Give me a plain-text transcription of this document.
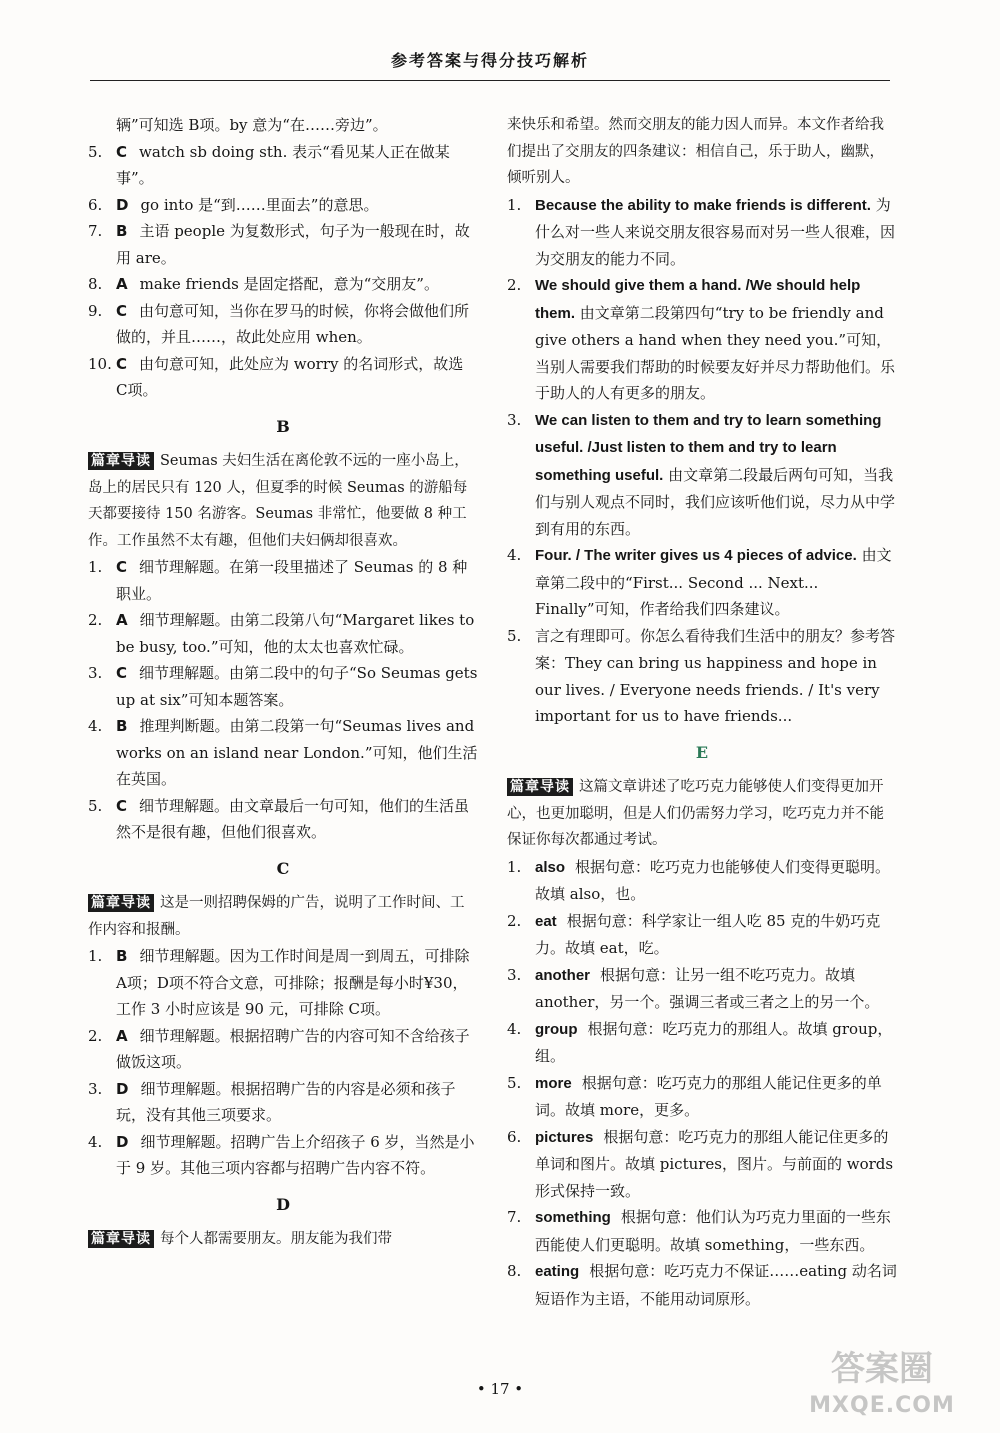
参考答案与得分技巧解析
辆”可知选 B项。by 意为“在……旁边”。
5. C watch sb doing sth. 表示“看见某人正在做某事”。
6. D go into 是“到……里面去”的意思。
7. B 主语 people 为复数形式，句子为一般现在时，故用 are。
8. A make friends 是固定搭配，意为“交朋友”。
9. C 由句意可知，当你在罗马的时候，你将会做他们所做的，并且……，故此处应用 when。
10. C 由句意可知，此处应为 worry 的名词形式，故选 C项。
B
篇章导读 Seumas 夫妇生活在离伦敦不远的一座小岛上，岛上的居民只有 120 人，但夏季的时候 Seumas 的游船每天都要接待 150 名游客。Seumas 非常忙，他要做 8 种工作。工作虽然不太有趣，但他们夫妇俩却很喜欢。
1. C 细节理解题。在第一段里描述了 Seumas 的 8 种职业。
2. A 细节理解题。由第二段第八句“Margaret likes to be busy, too.”可知，他的太太也喜欢忙碌。
3. C 细节理解题。由第二段中的句子“So Seumas gets up at six”可知本题答案。
4. B 推理判断题。由第二段第一句“Seumas lives and works on an island near London.”可知，他们生活在英国。
5. C 细节理解题。由文章最后一句可知，他们的生活虽然不是很有趣，但他们很喜欢。
C
篇章导读 这是一则招聘保姆的广告，说明了工作时间、工作内容和报酬。
1. B 细节理解题。因为工作时间是周一到周五，可排除 A项；D项不符合文意，可排除；报酬是每小时¥30，工作 3 小时应该是 90 元，可排除 C项。
2. A 细节理解题。根据招聘广告的内容可知不含给孩子做饭这项。
3. D 细节理解题。根据招聘广告的内容是必须和孩子玩，没有其他三项要求。
4. D 细节理解题。招聘广告上介绍孩子 6 岁，当然是小于 9 岁。其他三项内容都与招聘广告内容不符。
D
篇章导读 每个人都需要朋友。朋友能为我们带
来快乐和希望。然而交朋友的能力因人而异。本文作者给我们提出了交朋友的四条建议：相信自己，乐于助人，幽默，倾听别人。
1. Because the ability to make friends is different. 为什么对一些人来说交朋友很容易而对另一些人很难，因为交朋友的能力不同。
2. We should give them a hand. /We should help them. 由文章第二段第四句“try to be friendly and give others a hand when they need you.”可知，当别人需要我们帮助的时候要友好并尽力帮助他们。乐于助人的人有更多的朋友。
3. We can listen to them and try to learn something useful. /Just listen to them and try to learn something useful. 由文章第二段最后两句可知，当我们与别人观点不同时，我们应该听他们说，尽力从中学到有用的东西。
4. Four. / The writer gives us 4 pieces of advice. 由文章第二段中的“First... Second ... Next... Finally”可知，作者给我们四条建议。
5. 言之有理即可。你怎么看待我们生活中的朋友？参考答案：They can bring us happiness and hope in our lives. / Everyone needs friends. / It's very important for us to have friends...
E
篇章导读 这篇文章讲述了吃巧克力能够使人们变得更加开心，也更加聪明，但是人们仍需努力学习，吃巧克力并不能保证你每次都通过考试。
1. also 根据句意：吃巧克力也能够使人们变得更聪明。故填 also，也。
2. eat 根据句意：科学家让一组人吃 85 克的牛奶巧克力。故填 eat，吃。
3. another 根据句意：让另一组不吃巧克力。故填 another，另一个。强调三者或三者之上的另一个。
4. group 根据句意：吃巧克力的那组人。故填 group，组。
5. more 根据句意：吃巧克力的那组人能记住更多的单词。故填 more，更多。
6. pictures 根据句意：吃巧克力的那组人能记住更多的单词和图片。故填 pictures，图片。与前面的 words 形式保持一致。
7. something 根据句意：他们认为巧克力里面的一些东西能使人们更聪明。故填 something，一些东西。
8. eating 根据句意：吃巧克力不保证……eating 动名词短语作为主语，不能用动词原形。
• 17 •	答案圈
MXQE.COM
